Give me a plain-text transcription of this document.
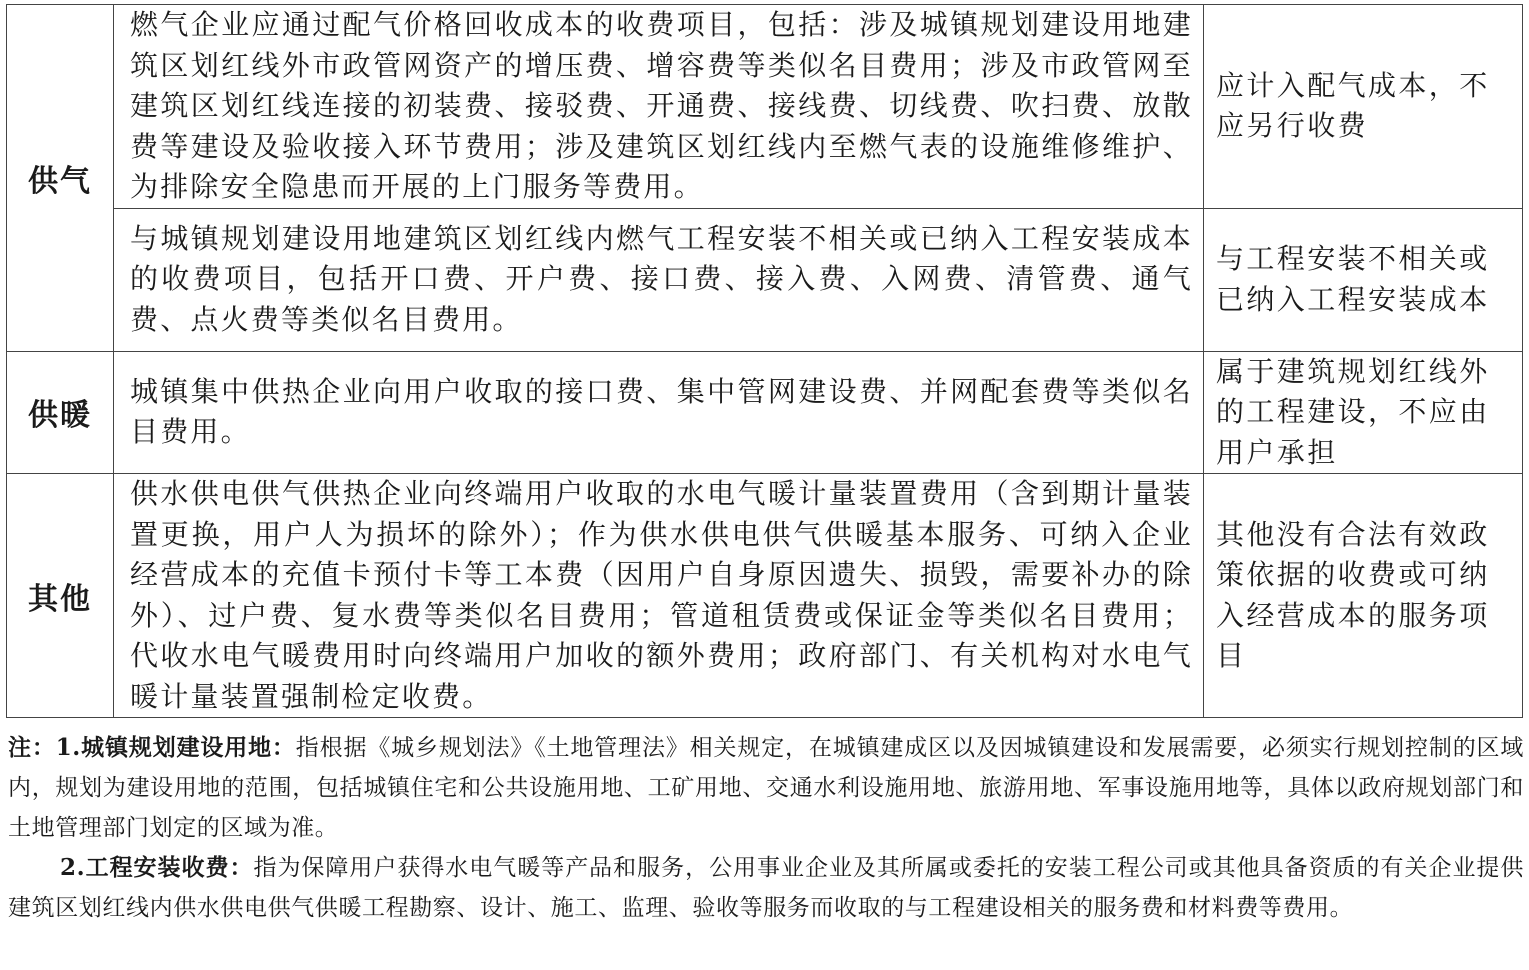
供气	燃气企业应通过配气价格回收成本的收费项目，包括：涉及城镇规划建设用地建筑区划红线外市政管网资产的增压费、增容费等类似名目费用；涉及市政管网至建筑区划红线连接的初装费、接驳费、开通费、接线费、切线费、吹扫费、放散费等建设及验收接入环节费用；涉及建筑区划红线内至燃气表的设施维修维护、为排除安全隐患而开展的上门服务等费用。	应计入配气成本，不应另行收费
	与城镇规划建设用地建筑区划红线内燃气工程安装不相关或已纳入工程安装成本的收费项目，包括开口费、开户费、接口费、接入费、入网费、清管费、通气费、点火费等类似名目费用。	与工程安装不相关或已纳入工程安装成本
供暖	城镇集中供热企业向用户收取的接口费、集中管网建设费、并网配套费等类似名目费用。	属于建筑规划红线外的工程建设，不应由用户承担
其他	供水供电供气供热企业向终端用户收取的水电气暖计量装置费用（含到期计量装置更换，用户人为损坏的除外）；作为供水供电供气供暖基本服务、可纳入企业经营成本的充值卡预付卡等工本费（因用户自身原因遗失、损毁，需要补办的除外）、过户费、复水费等类似名目费用；管道租赁费或保证金等类似名目费用；代收水电气暖费用时向终端用户加收的额外费用；政府部门、有关机构对水电气暖计量装置强制检定收费。	其他没有合法有效政策依据的收费或可纳入经营成本的服务项目

注：1.城镇规划建设用地：指根据《城乡规划法》《土地管理法》相关规定，在城镇建成区以及因城镇建设和发展需要，必须实行规划控制的区域内，规划为建设用地的范围，包括城镇住宅和公共设施用地、工矿用地、交通水利设施用地、旅游用地、军事设施用地等，具体以政府规划部门和土地管理部门划定的区域为准。

2.工程安装收费：指为保障用户获得水电气暖等产品和服务，公用事业企业及其所属或委托的安装工程公司或其他具备资质的有关企业提供建筑区划红线内供水供电供气供暖工程勘察、设计、施工、监理、验收等服务而收取的与工程建设相关的服务费和材料费等费用。
